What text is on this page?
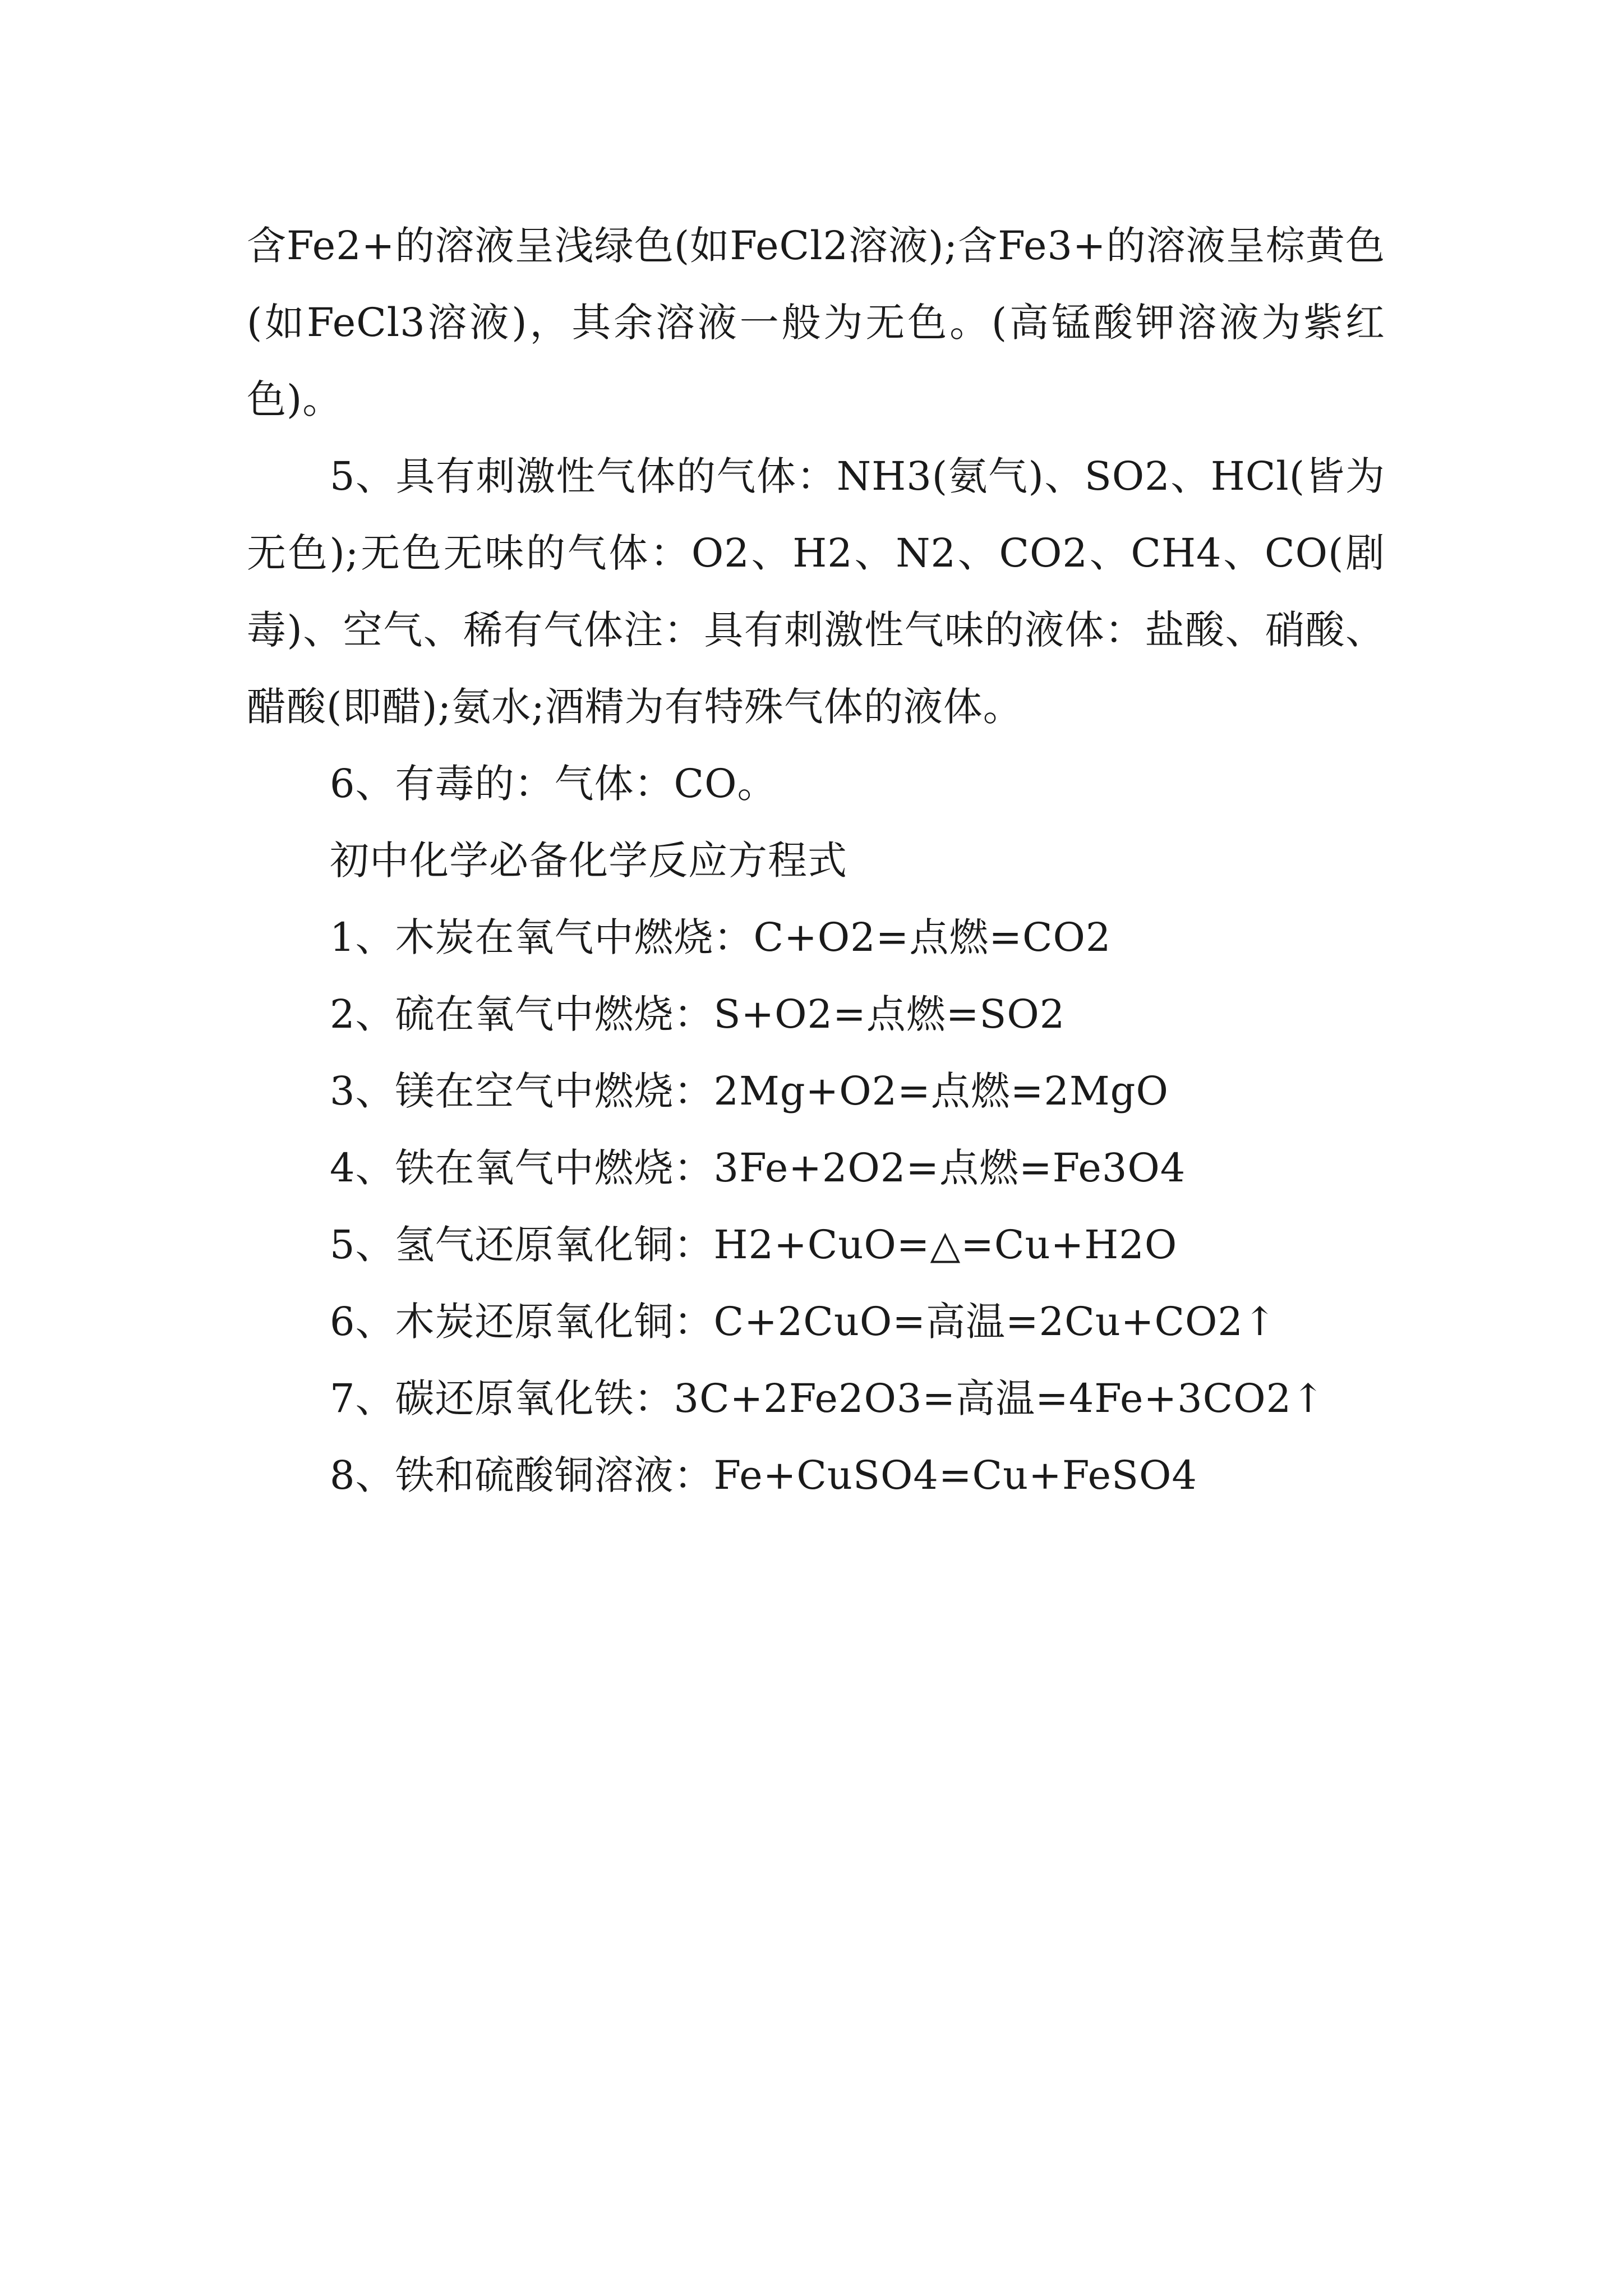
含Fe2+的溶液呈浅绿色(如FeCl2溶液);含Fe3+的溶液呈棕黄色(如FeCl3溶液)，其余溶液一般为无色。(高锰酸钾溶液为紫红色)。

5、具有刺激性气体的气体：NH3(氨气)、SO2、HCl(皆为无色);无色无味的气体：O2、H2、N2、CO2、CH4、CO(剧毒)、空气、稀有气体注：具有刺激性气味的液体：盐酸、硝酸、醋酸(即醋);氨水;酒精为有特殊气体的液体。

6、有毒的：气体：CO。

初中化学必备化学反应方程式

1、木炭在氧气中燃烧：C+O2=点燃=CO2

2、硫在氧气中燃烧：S+O2=点燃=SO2

3、镁在空气中燃烧：2Mg+O2=点燃=2MgO

4、铁在氧气中燃烧：3Fe+2O2=点燃=Fe3O4

5、氢气还原氧化铜：H2+CuO=△=Cu+H2O

6、木炭还原氧化铜：C+2CuO=高温=2Cu+CO2↑

7、碳还原氧化铁：3C+2Fe2O3=高温=4Fe+3CO2↑

8、铁和硫酸铜溶液：Fe+CuSO4=Cu+FeSO4
